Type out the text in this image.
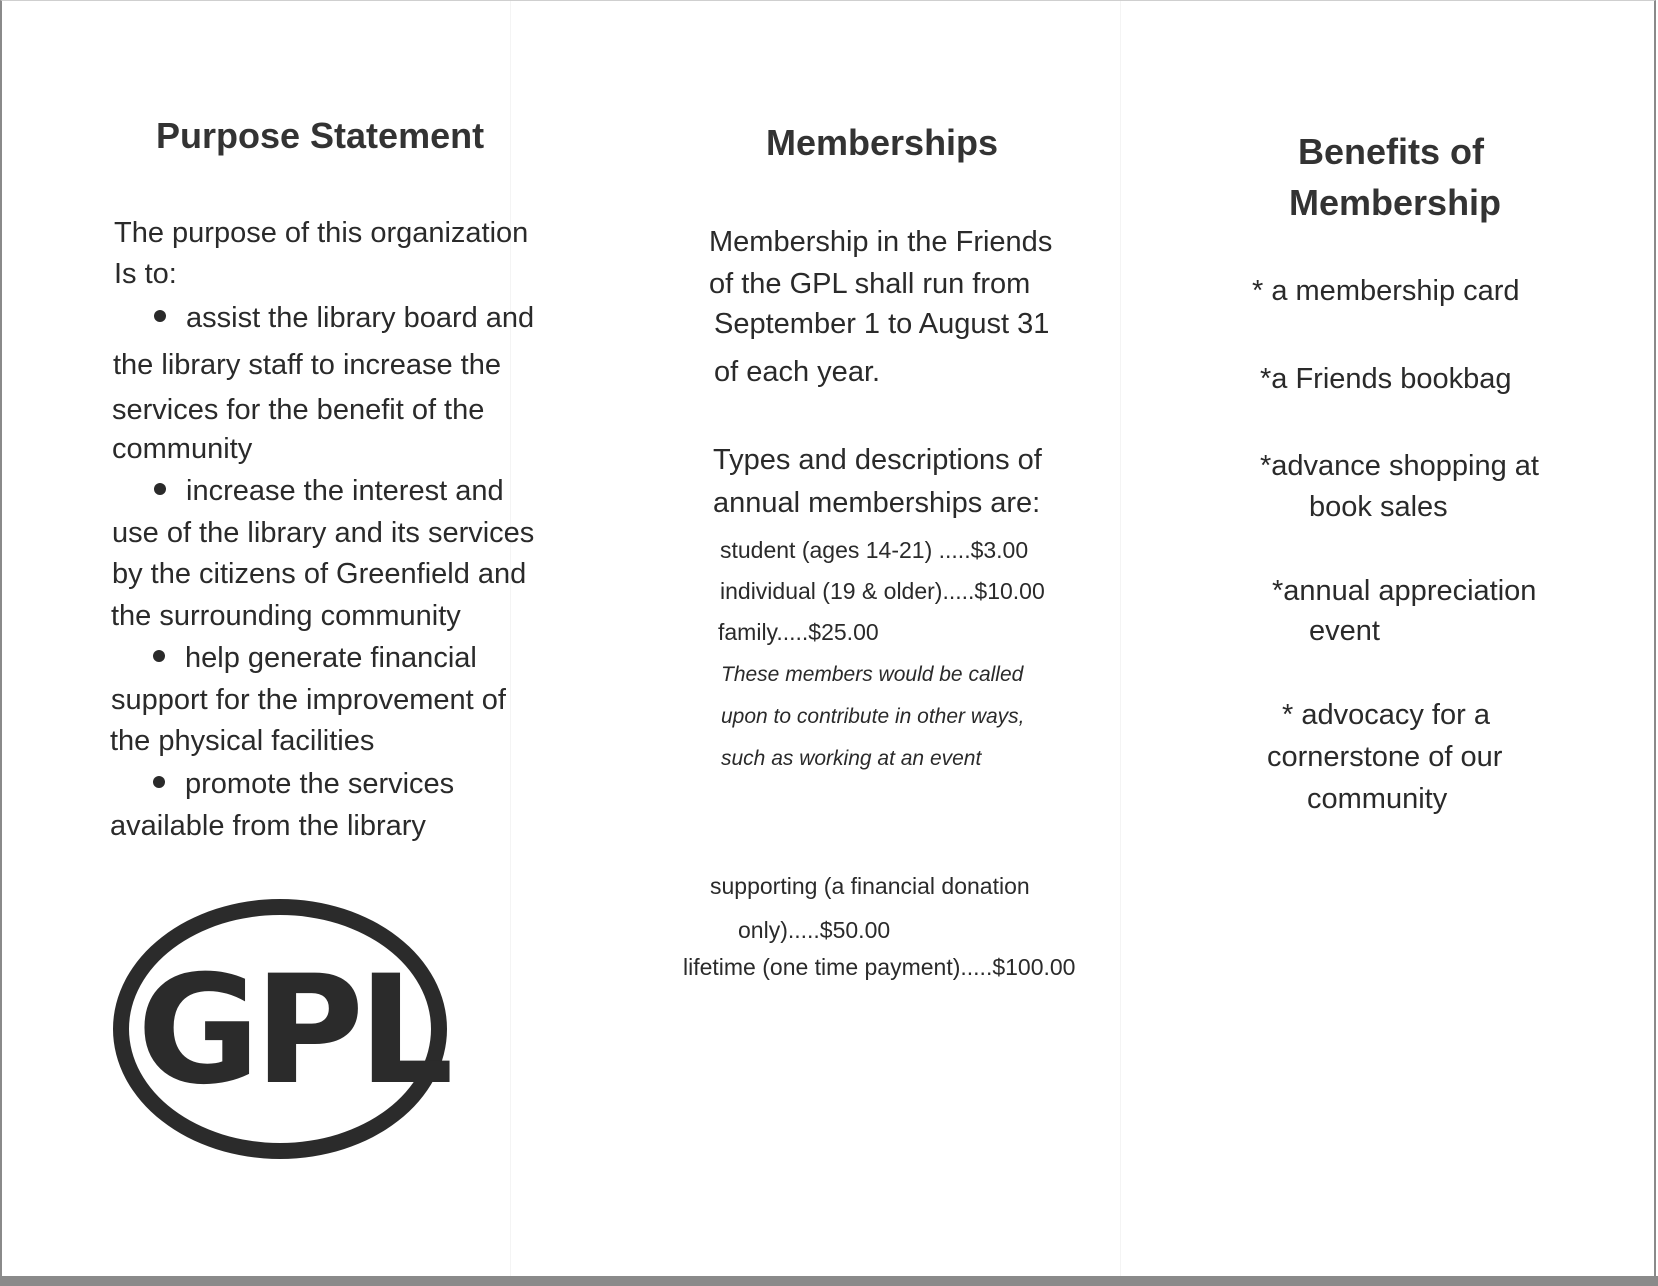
Purpose Statement
The purpose of this organization
Is to:
assist the library board and
the library staff to increase the
services for the benefit of the
community
increase the interest and
use of the library and its services
by the citizens of Greenfield and
the surrounding community
help generate financial
support for the improvement of
the physical facilities
promote the services
available from the library
GPL
Memberships
Membership in the Friends
of the GPL shall run from
September 1 to August 31
of each year.
Types and descriptions of
annual memberships are:
student (ages 14-21) .....$3.00
individual (19 & older).....$10.00
family.....$25.00
These members would be called
upon to contribute in other ways,
such as working at an event
supporting (a financial donation
only).....$50.00
lifetime (one time payment).....$100.00
Benefits of
Membership
* a membership card
*a Friends bookbag
*advance shopping at
book sales
*annual appreciation
event
* advocacy for a
cornerstone of our
community
